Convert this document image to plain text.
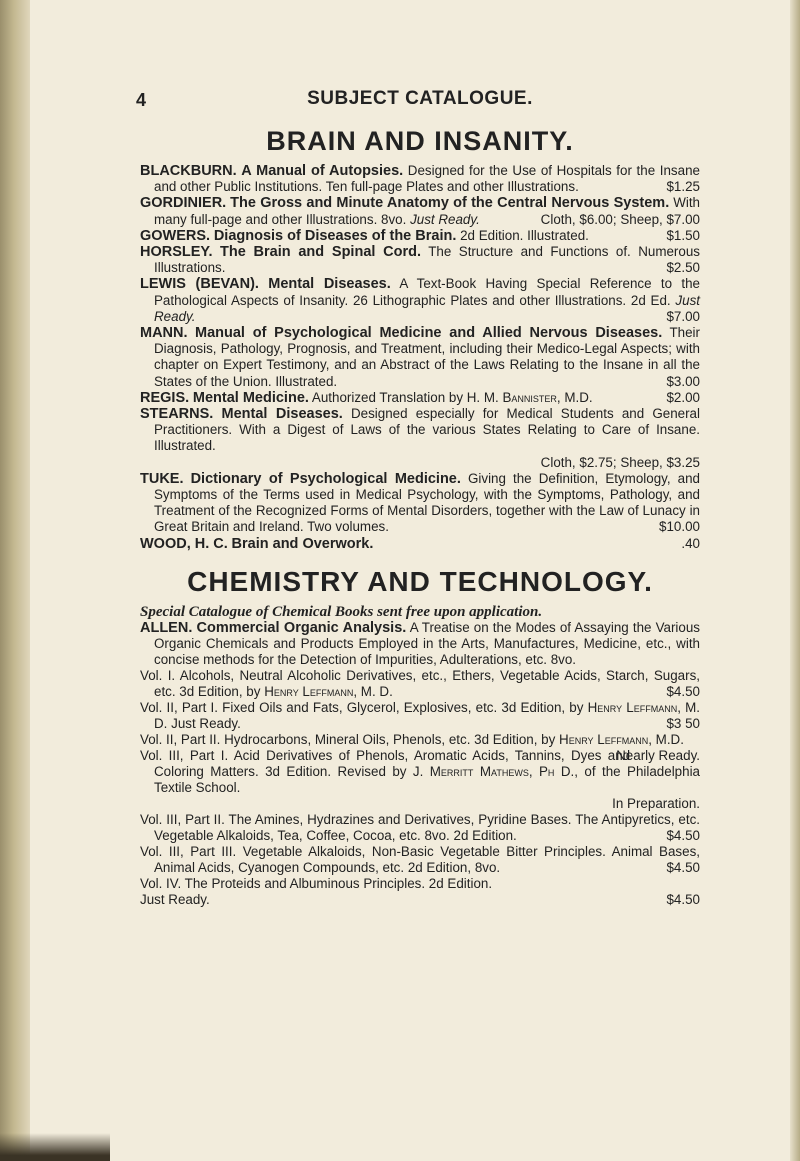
4	SUBJECT CATALOGUE.
BRAIN AND INSANITY.

BLACKBURN. A Manual of Autopsies. Designed for the Use of Hospitals for the Insane and other Public Institutions. Ten full-page Plates and other Illustrations.	$1.25

GORDINIER. The Gross and Minute Anatomy of the Central Nervous System. With many full-page and other Illustrations. 8vo. Just Ready.	Cloth, $6.00; Sheep, $7.00

GOWERS. Diagnosis of Diseases of the Brain. 2d Edition. Illustrated.	$1.50

HORSLEY. The Brain and Spinal Cord. The Structure and Functions of. Numerous Illustrations.	$2.50

LEWIS (BEVAN). Mental Diseases. A Text-Book Having Special Reference to the Pathological Aspects of Insanity. 26 Lithographic Plates and other Illustrations. 2d Ed. Just Ready.	$7.00

MANN. Manual of Psychological Medicine and Allied Nervous Diseases. Their Diagnosis, Pathology, Prognosis, and Treatment, including their Medico-Legal Aspects; with chapter on Expert Testimony, and an Abstract of the Laws Relating to the Insane in all the States of the Union. Illustrated.	$3.00

REGIS. Mental Medicine. Authorized Translation by H. M. Bannister, M.D.	$2.00

STEARNS. Mental Diseases. Designed especially for Medical Students and General Practitioners. With a Digest of Laws of the various States Relating to Care of Insane. Illustrated.
Cloth, $2.75; Sheep, $3.25

TUKE. Dictionary of Psychological Medicine. Giving the Definition, Etymology, and Symptoms of the Terms used in Medical Psychology, with the Symptoms, Pathology, and Treatment of the Recognized Forms of Mental Disorders, together with the Law of Lunacy in Great Britain and Ireland. Two volumes.	$10.00

WOOD, H. C. Brain and Overwork.	.40

CHEMISTRY AND TECHNOLOGY.

Special Catalogue of Chemical Books sent free upon application.

ALLEN. Commercial Organic Analysis. A Treatise on the Modes of Assaying the Various Organic Chemicals and Products Employed in the Arts, Manufactures, Medicine, etc., with concise methods for the Detection of Impurities, Adulterations, etc. 8vo.

Vol. I. Alcohols, Neutral Alcoholic Derivatives, etc., Ethers, Vegetable Acids, Starch, Sugars, etc. 3d Edition, by Henry Leffmann, M. D.	$4.50

Vol. II, Part I. Fixed Oils and Fats, Glycerol, Explosives, etc. 3d Edition, by Henry Leffmann, M. D. Just Ready.	$3 50

Vol. II, Part II. Hydrocarbons, Mineral Oils, Phenols, etc. 3d Edition, by Henry Leffmann, M.D.
Nearly Ready.

Vol. III, Part I. Acid Derivatives of Phenols, Aromatic Acids, Tannins, Dyes and Coloring Matters. 3d Edition. Revised by J. Merritt Mathews, Ph D., of the Philadelphia Textile School.
In Preparation.

Vol. III, Part II. The Amines, Hydrazines and Derivatives, Pyridine Bases. The Antipyretics, etc. Vegetable Alkaloids, Tea, Coffee, Cocoa, etc. 8vo. 2d Edition.	$4.50

Vol. III, Part III. Vegetable Alkaloids, Non-Basic Vegetable Bitter Principles. Animal Bases, Animal Acids, Cyanogen Compounds, etc. 2d Edition, 8vo.	$4.50

Vol. IV. The Proteids and Albuminous Principles. 2d Edition.
Just Ready.	$4.50
